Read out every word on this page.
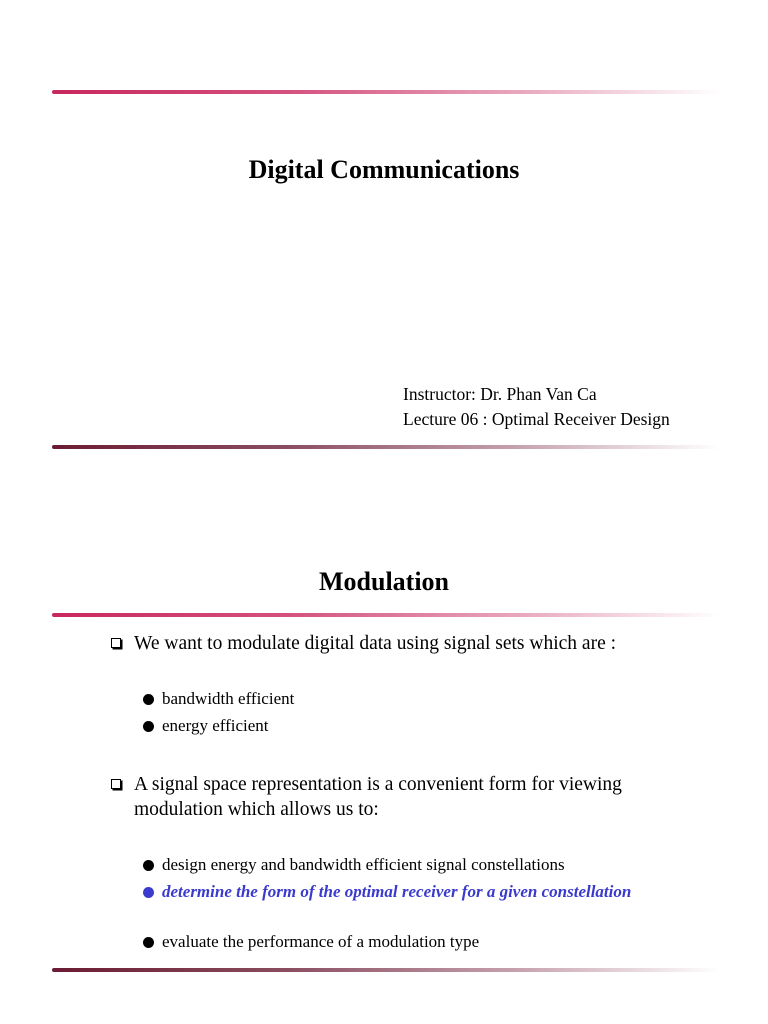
Digital Communications
Instructor: Dr. Phan Van Ca
Lecture 06 : Optimal Receiver Design
Modulation
We want to modulate digital data using signal sets which are :
bandwidth efficient
energy efficient
A signal space representation is a convenient form for viewing modulation which allows us to:
design energy and bandwidth efficient signal constellations
determine the form of the optimal receiver for a given constellation
evaluate the performance of a modulation type
